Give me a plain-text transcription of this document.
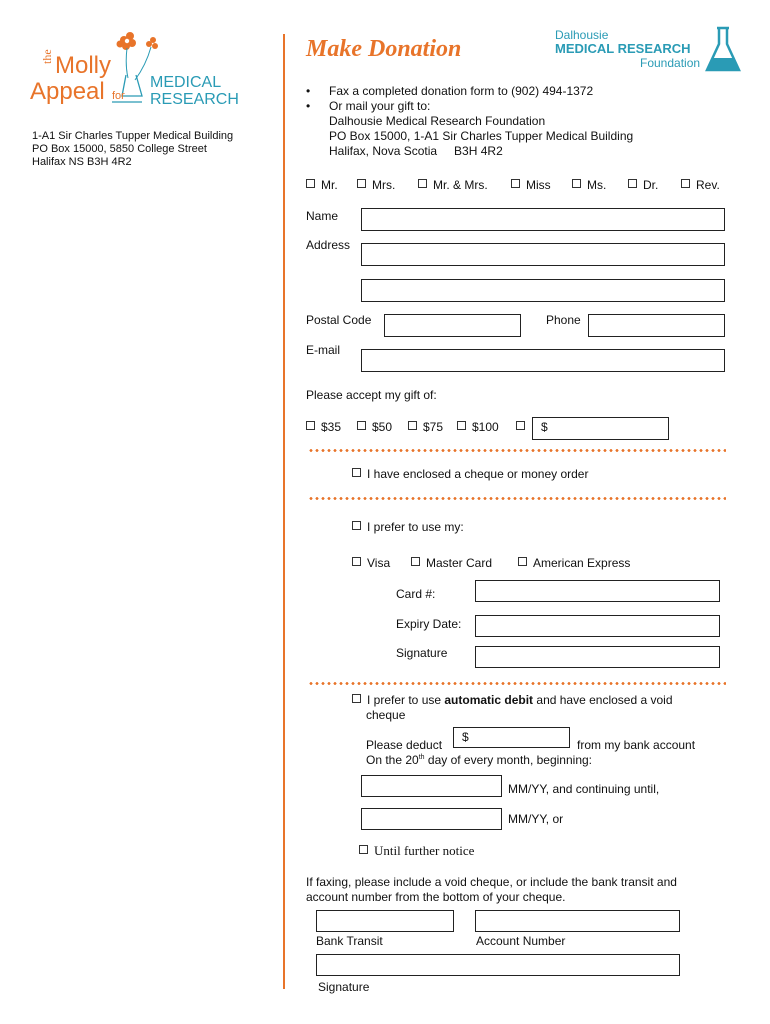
the Molly
Appeal for
MEDICAL
RESEARCH
1-A1 Sir Charles Tupper Medical Building
PO Box 15000, 5850 College Street
Halifax NS B3H 4R2
Make Donation
Dalhousie
MEDICAL RESEARCH
Foundation
• Fax a completed donation form to (902) 494-1372
• Or mail your gift to:
Dalhousie Medical Research Foundation
PO Box 15000, 1-A1 Sir Charles Tupper Medical Building
Halifax, Nova Scotia B3H 4R2
Mr.	Mrs.	Mr. & Mrs.	Miss	Ms.	Dr.	Rev.
Name
Address
Postal Code	Phone
E-mail
Please accept my gift of:
$35	$50	$75	$100	$
I have enclosed a cheque or money order
I prefer to use my:
Visa	Master Card	American Express
Card #:
Expiry Date:
Signature
I prefer to use automatic debit and have enclosed a void
cheque
Please deduct
$
from my bank account
On the 20th day of every month, beginning:
MM/YY, and continuing until,
MM/YY, or
Until further notice
If faxing, please include a void cheque, or include the bank transit and
account number from the bottom of your cheque.
Bank Transit	Account Number
Signature
